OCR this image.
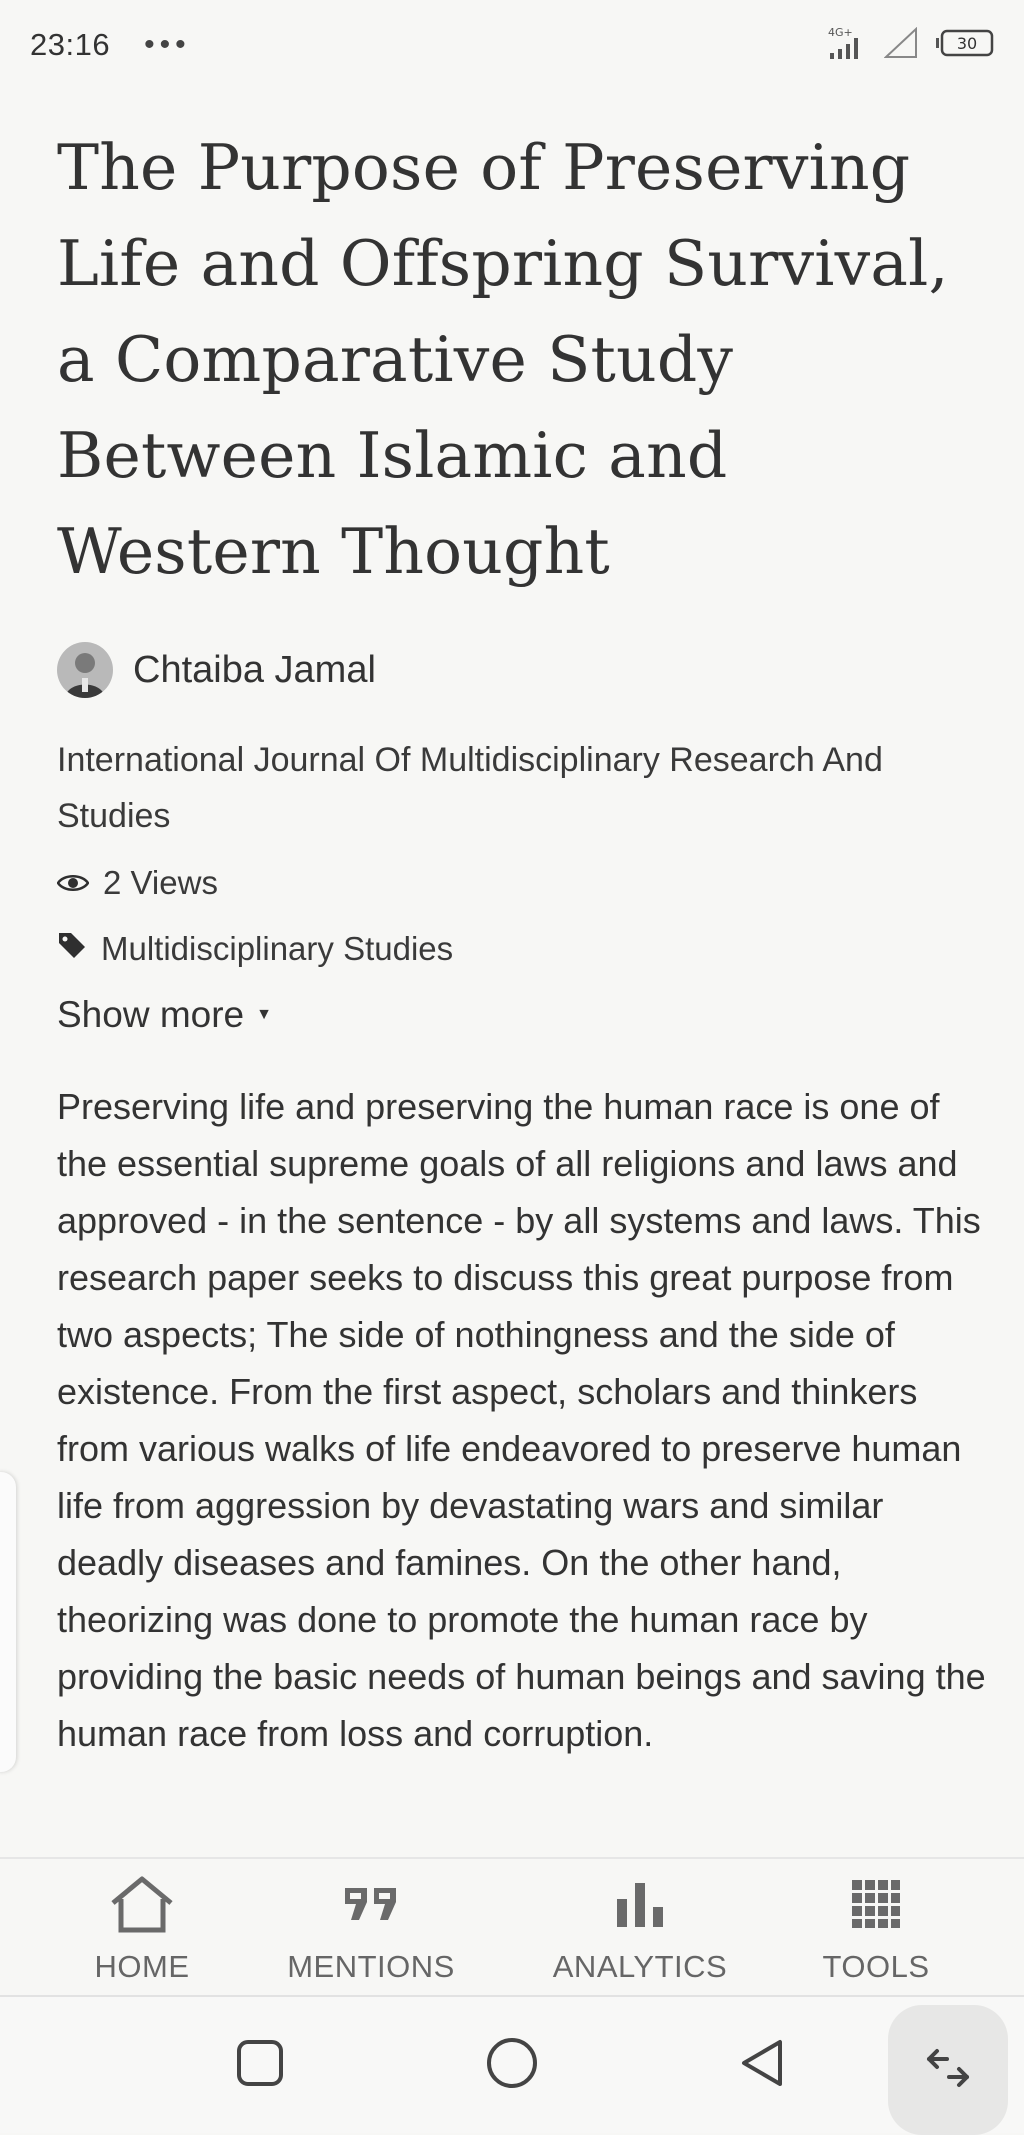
23:16 •••	4G+
30
The Purpose of Preserving Life and Offspring Survival, a Comparative Study Between Islamic and Western Thought
Chtaiba Jamal
International Journal Of Multidisciplinary Research And Studies
2 Views
Multidisciplinary Studies
Show more ▼
Preserving life and preserving the human race is one of the essential supreme goals of all religions and laws and approved - in the sentence - by all systems and laws. This research paper seeks to discuss this great purpose from two aspects; The side of nothingness and the side of existence. From the first aspect, scholars and thinkers from various walks of life endeavored to preserve human life from aggression by devastating wars and similar deadly diseases and famines. On the other hand, theorizing was done to promote the human race by providing the basic needs of human beings and saving the human race from loss and corruption.
HOME	MENTIONS	ANALYTICS	TOOLS
